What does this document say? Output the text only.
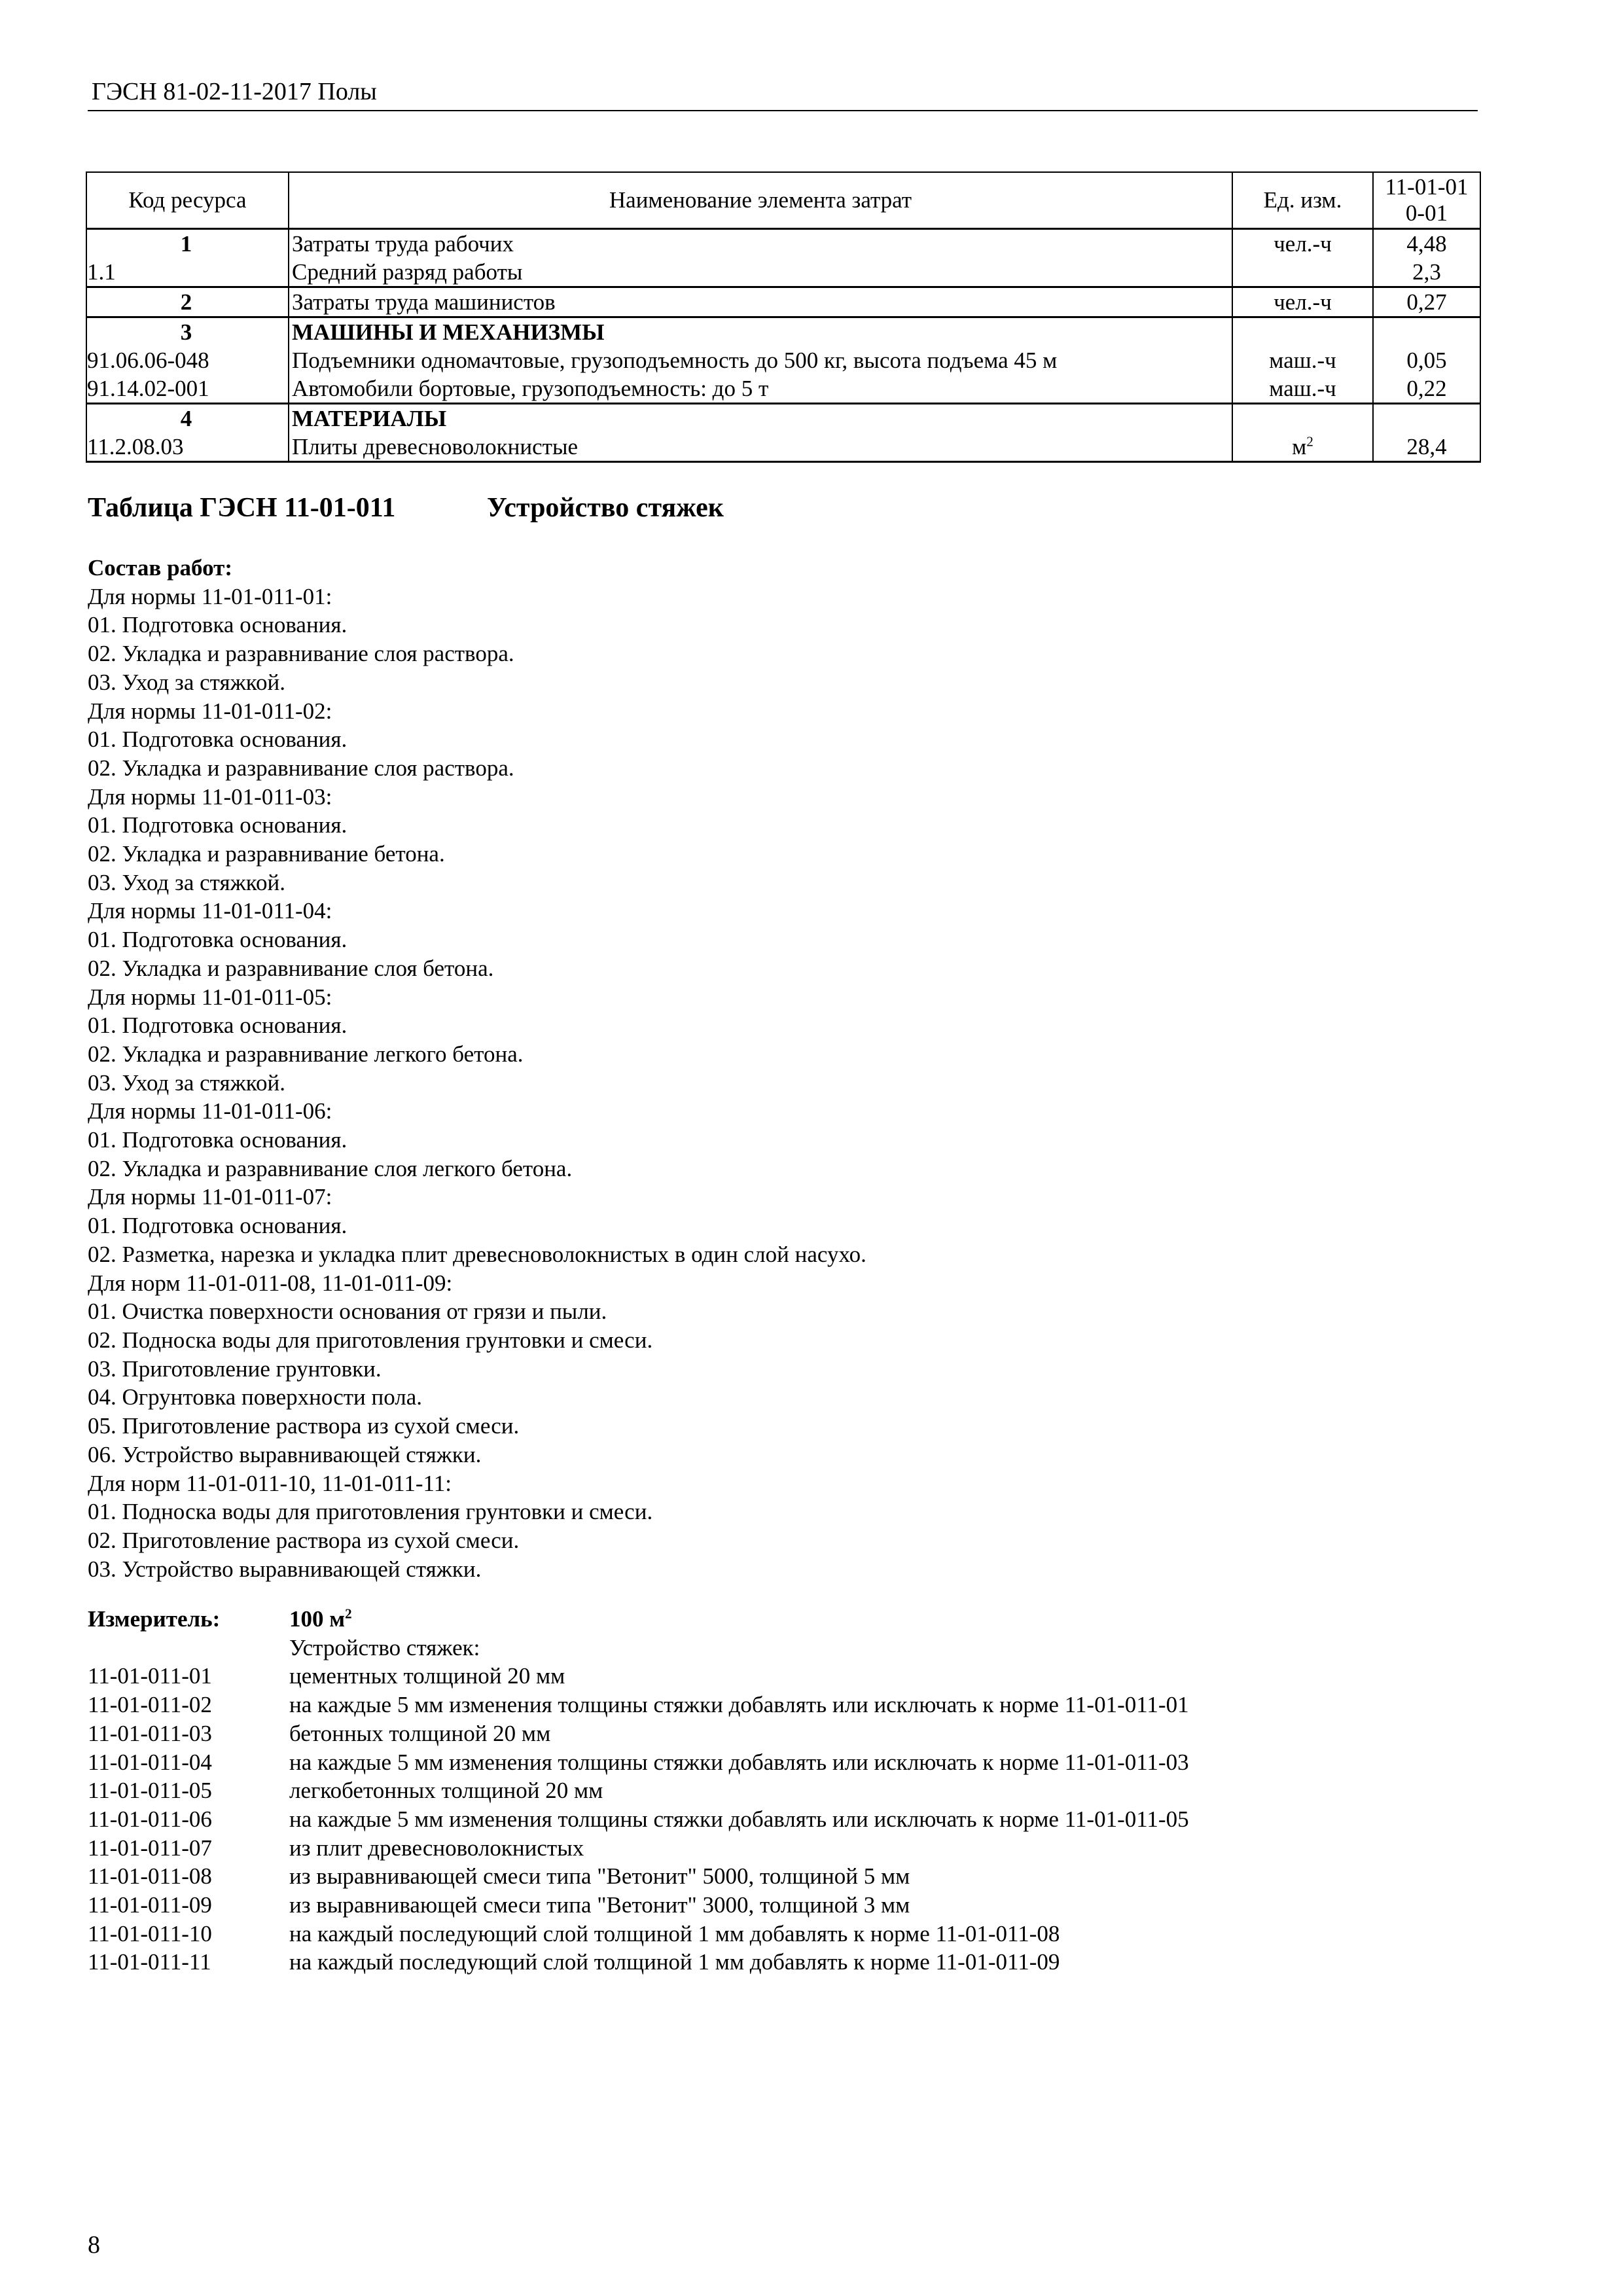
ГЭСН 81-02-11-2017 Полы
Код ресурса	Наименование элемента затрат	Ед. изм.	11-01-010-01
1	Затраты труда рабочих	чел.-ч	4,48
1.1	Средний разряд работы		2,3
2	Затраты труда машинистов	чел.-ч	0,27
3	МАШИНЫ И МЕХАНИЗМЫ		
91.06.06-048	Подъемники одномачтовые, грузоподъемность до 500 кг, высота подъема 45 м	маш.-ч	0,05
91.14.02-001	Автомобили бортовые, грузоподъемность: до 5 т	маш.-ч	0,22
4	МАТЕРИАЛЫ		
11.2.08.03	Плиты древесноволокнистые	$м^2$	28,4
Таблица ГЭСН 11-01-011	Устройство стяжек
Состав работ:
Для нормы 11-01-011-01:
01. Подготовка основания.
02. Укладка и разравнивание слоя раствора.
03. Уход за стяжкой.
Для нормы 11-01-011-02:
01. Подготовка основания.
02. Укладка и разравнивание слоя раствора.
Для нормы 11-01-011-03:
01. Подготовка основания.
02. Укладка и разравнивание бетона.
03. Уход за стяжкой.
Для нормы 11-01-011-04:
01. Подготовка основания.
02. Укладка и разравнивание слоя бетона.
Для нормы 11-01-011-05:
01. Подготовка основания.
02. Укладка и разравнивание легкого бетона.
03. Уход за стяжкой.
Для нормы 11-01-011-06:
01. Подготовка основания.
02. Укладка и разравнивание слоя легкого бетона.
Для нормы 11-01-011-07:
01. Подготовка основания.
02. Разметка, нарезка и укладка плит древесноволокнистых в один слой насухо.
Для норм 11-01-011-08, 11-01-011-09:
01. Очистка поверхности основания от грязи и пыли.
02. Подноска воды для приготовления грунтовки и смеси.
03. Приготовление грунтовки.
04. Огрунтовка поверхности пола.
05. Приготовление раствора из сухой смеси.
06. Устройство выравнивающей стяжки.
Для норм 11-01-011-10, 11-01-011-11:
01. Подноска воды для приготовления грунтовки и смеси.
02. Приготовление раствора из сухой смеси.
03. Устройство выравнивающей стяжки.
Измеритель:	100 $м^2$
Устройство стяжек:
11-01-011-01	цементных толщиной 20 мм
11-01-011-02	на каждые 5 мм изменения толщины стяжки добавлять или исключать к норме 11-01-011-01
11-01-011-03	бетонных толщиной 20 мм
11-01-011-04	на каждые 5 мм изменения толщины стяжки добавлять или исключать к норме 11-01-011-03
11-01-011-05	легкобетонных толщиной 20 мм
11-01-011-06	на каждые 5 мм изменения толщины стяжки добавлять или исключать к норме 11-01-011-05
11-01-011-07	из плит древесноволокнистых
11-01-011-08	из выравнивающей смеси типа "Ветонит" 5000, толщиной 5 мм
11-01-011-09	из выравнивающей смеси типа "Ветонит" 3000, толщиной 3 мм
11-01-011-10	на каждый последующий слой толщиной 1 мм добавлять к норме 11-01-011-08
11-01-011-11	на каждый последующий слой толщиной 1 мм добавлять к норме 11-01-011-09
8
